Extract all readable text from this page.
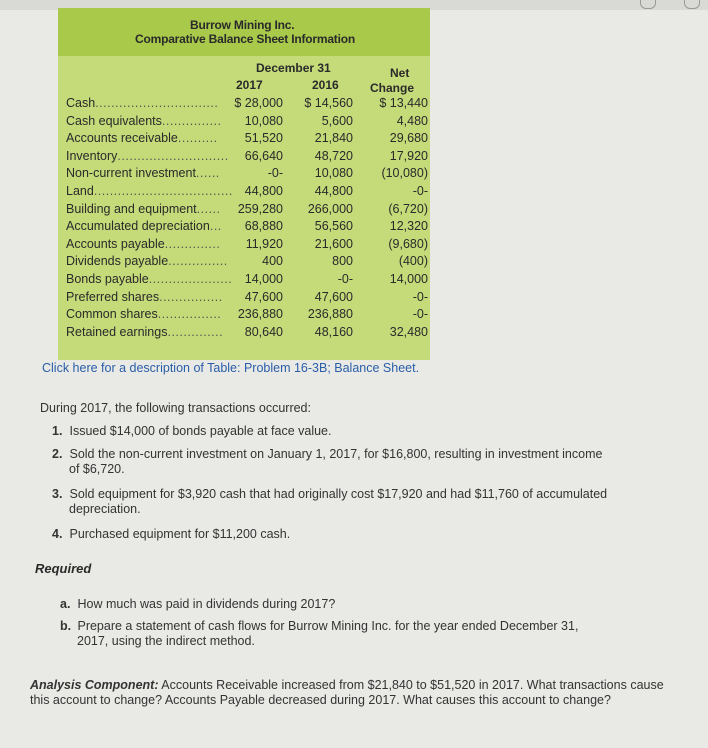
Burrow Mining Inc.
Comparative Balance Sheet Information
December 31
2017	2016
Net
Change
Cash............................... $ 28,000 $ 14,560 $ 13,440
Cash equivalents............... 10,080	5,600	4,480
Accounts receivable.......... 51,520	21,840	29,680
Inventory............................ 66,640	48,720	17,920
Non-current investment......	-0-	10,080 (10,080)
Land................................... 44,800	44,800	-0-
Building and equipment...... 259,280 266,000	(6,720)
Accumulated depreciation... 68,880	56,560	12,320
Accounts payable.............. 11,920	21,600	(9,680)
Dividends payable...............	400	800	(400)
Bonds payable..................... 14,000	-0-	14,000
Preferred shares................ 47,600	47,600	-0-
Common shares................ 236,880 236,880	-0-
Retained earnings.............. 80,640	48,160	32,480
Click here for a description of Table: Problem 16-3B; Balance Sheet.
During 2017, the following transactions occurred:
1. Issued $14,000 of bonds payable at face value.
2. Sold the non-current investment on January 1, 2017, for $16,800, resulting in investment income
of $6,720.
3. Sold equipment for $3,920 cash that had originally cost $17,920 and had $11,760 of accumulated
depreciation.
4. Purchased equipment for $11,200 cash.
Required
a. How much was paid in dividends during 2017?
b. Prepare a statement of cash flows for Burrow Mining Inc. for the year ended December 31,
2017, using the indirect method.
Analysis Component: Accounts Receivable increased from $21,840 to $51,520 in 2017. What transactions cause this account to change? Accounts Payable decreased during 2017. What causes this account to change?
